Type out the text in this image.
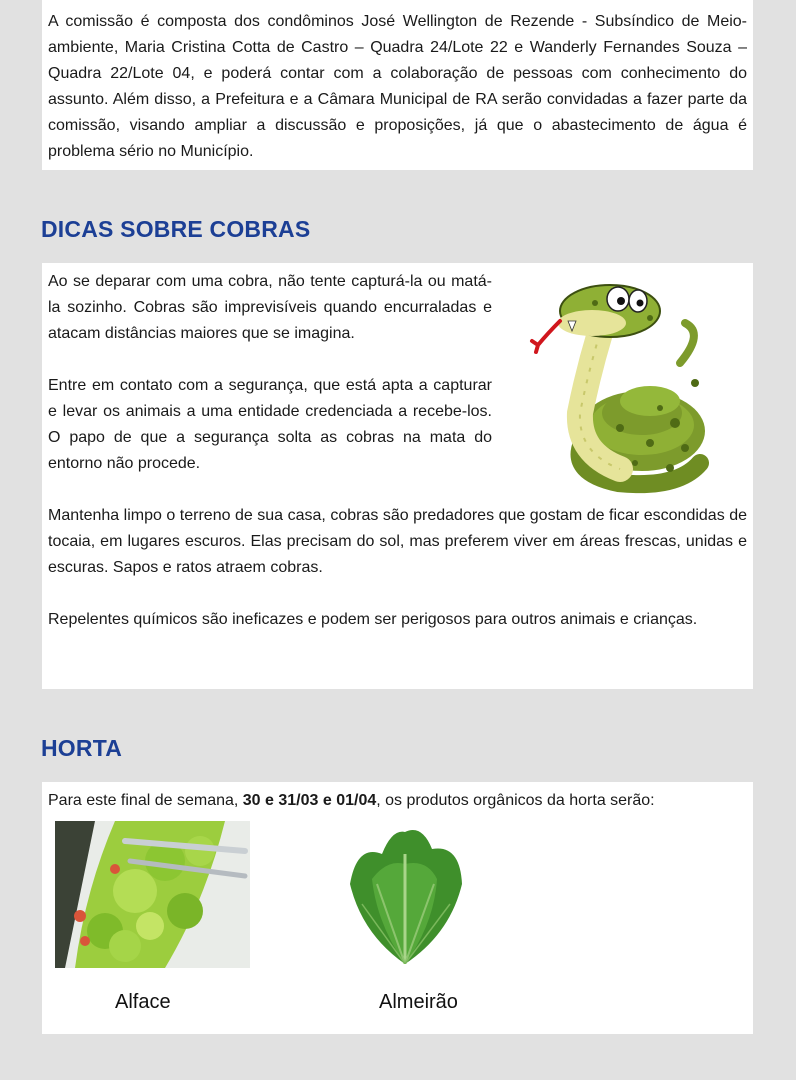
A comissão é composta dos condôminos José Wellington de Rezende - Subsíndico de Meio-ambiente, Maria Cristina Cotta de Castro – Quadra 24/Lote 22 e Wanderly Fernandes Souza – Quadra 22/Lote 04, e poderá contar com a colaboração de pessoas com conhecimento do assunto. Além disso, a Prefeitura e a Câmara Municipal de RA serão convidadas a fazer parte da comissão, visando ampliar a discussão e proposições, já que o abastecimento de água é problema sério no Município.

DICAS SOBRE COBRAS

Ao se deparar com uma cobra, não tente capturá-la ou matá-la sozinho. Cobras são imprevisíveis quando encurraladas e atacam distâncias maiores que se imagina.

Entre em contato com a segurança, que está apta a capturar e levar os animais a uma entidade credenciada a recebe-los. O papo de que a segurança solta as cobras na mata do entorno não procede.

Mantenha limpo o terreno de sua casa, cobras são predadores que gostam de ficar escondidas de tocaia, em lugares escuros. Elas precisam do sol, mas preferem viver em áreas frescas, unidas e escuras. Sapos e ratos atraem cobras.

Repelentes químicos são ineficazes e podem ser perigosos para outros animais e crianças.

HORTA

Para este final de semana, 30 e 31/03 e 01/04, os produtos orgânicos da horta serão:

Alface	Almeirão
